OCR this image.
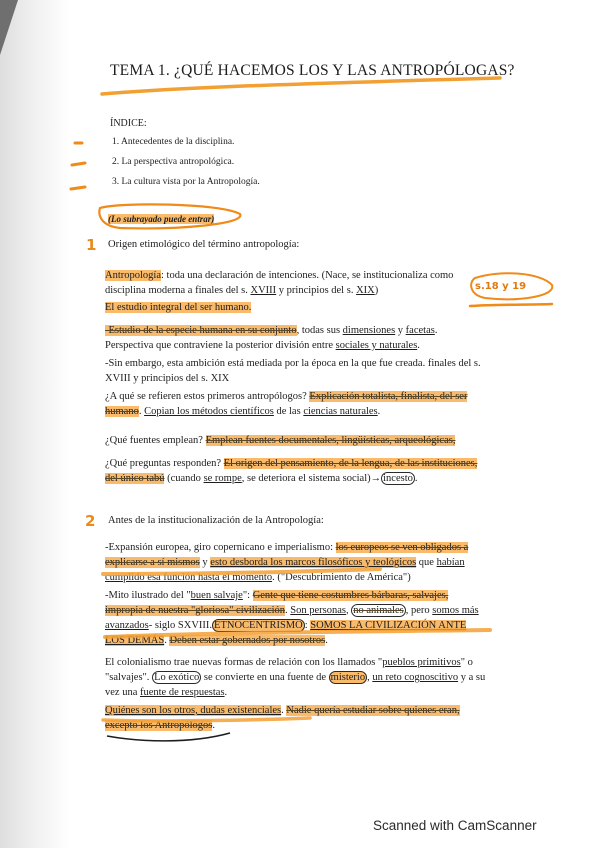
TEMA 1. ¿QUÉ HACEMOS LOS Y LAS ANTROPÓLOGAS?
ÍNDICE:
1. Antecedentes de la disciplina.
2. La perspectiva antropológica.
3. La cultura vista por la Antropología.
(Lo subrayado puede entrar)
1 Origen etimológico del término antropología:
Antropología: toda una declaración de intenciones. (Nace, se institucionaliza como disciplina moderna a finales del s. XVIII y principios del s. XIX)	s.18 y 19
El estudio integral del ser humano.
-Estudio de la especie humana en su conjunto, todas sus dimensiones y facetas. Perspectiva que contraviene la posterior división entre sociales y naturales.
-Sin embargo, esta ambición está mediada por la época en la que fue creada. finales del s. XVIII y principios del s. XIX
¿A qué se refieren estos primeros antropólogos? Explicación totalista, finalista, del ser humano. Copian los métodos científicos de las ciencias naturales.
¿Qué fuentes emplean? Emplean fuentes documentales, lingüísticas, arqueológicas,
¿Qué preguntas responden? El origen del pensamiento, de la lengua, de las instituciones, del único tabú (cuando se rompe, se deteriora el sistema social)→ incesto .
2 Antes de la institucionalización de la Antropología:
-Expansión europea, giro copernicano e imperialismo: los europeos se ven obligados a explicarse a sí mismos y esto desborda los marcos filosóficos y teológicos que habían cumplido esa función hasta el momento. ("Descubrimiento de América")
-Mito ilustrado del "buen salvaje": Gente que tiene costumbres bárbaras, salvajes, impropia de nuestra "gloriosa" civilización. Son personas, no animales , pero somos más avanzados- siglo SXVIII. ETNOCENTRISMO : SOMOS LA CIVILIZACIÓN ANTE LOS DEMÁS. Deben estar gobernados por nosotros.
El colonialismo trae nuevas formas de relación con los llamados "pueblos primitivos" o "salvajes". Lo exótico se convierte en una fuente de misterio , un reto cognoscitivo y a su vez una fuente de respuestas.
Quiénes son los otros, dudas existenciales. Nadie quería estudiar sobre quienes eran, excepto los Antropólogos.
Scanned with CamScanner
